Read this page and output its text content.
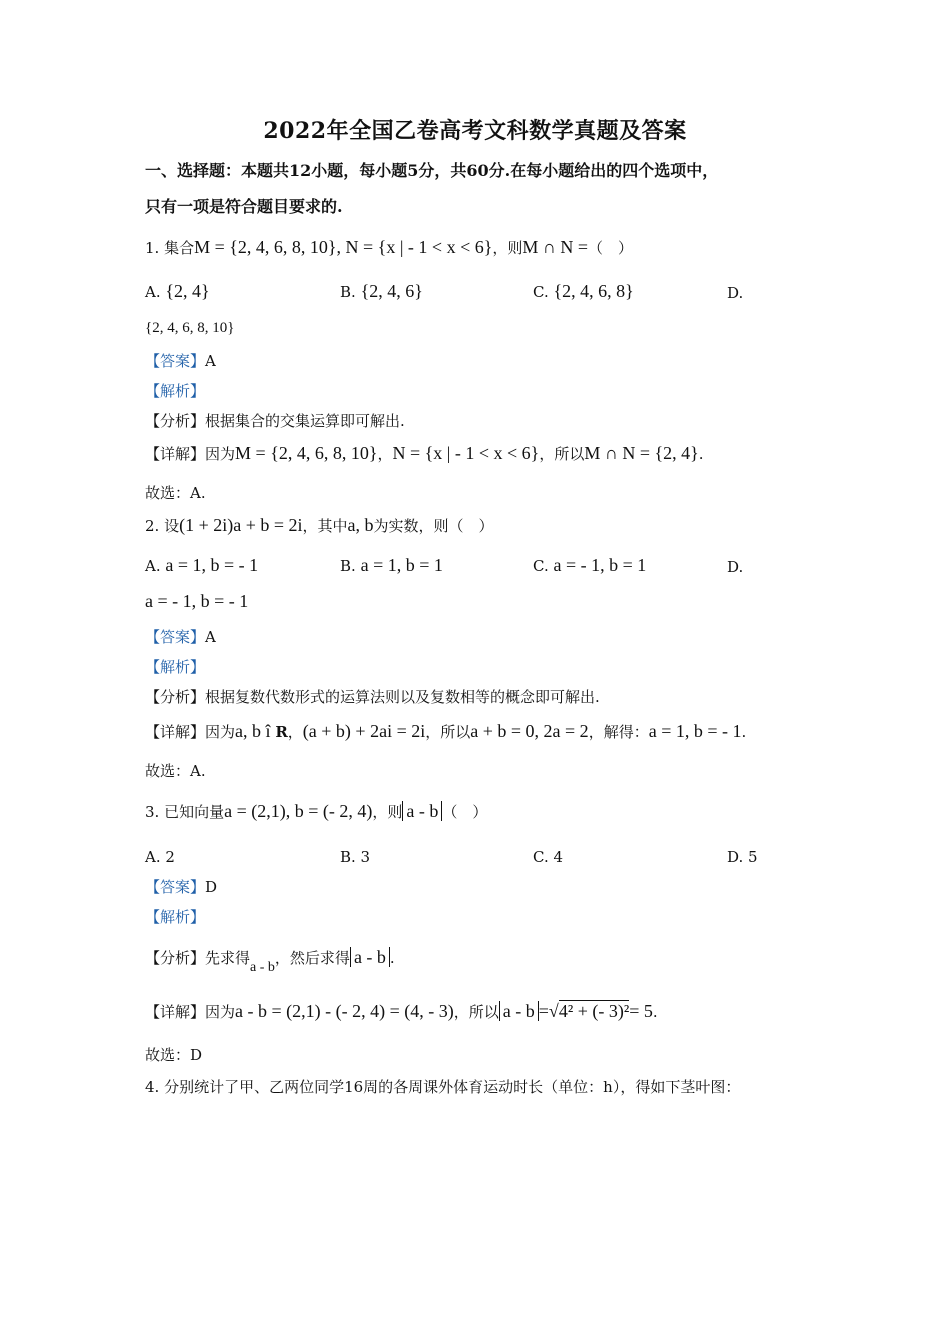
2022年全国乙卷高考文科数学真题及答案
一、选择题：本题共12小题，每小题5分，共60分.在每小题给出的四个选项中，
只有一项是符合题目要求的.
1. 集合M = {2, 4, 6, 8, 10}, N = {x | - 1 < x < 6}，则M ∩ N =（　）
A. {2, 4}	B. {2, 4, 6}	C. {2, 4, 6, 8}	D.
{2, 4, 6, 8, 10}
【答案】A
【解析】
【分析】根据集合的交集运算即可解出.
【详解】因为M = {2, 4, 6, 8, 10}，N = {x | - 1 < x < 6}，所以M ∩ N = {2, 4}.
故选：A.
2. 设(1 + 2i)a + b = 2i，其中a, b为实数，则（　）
A. a = 1, b = - 1	B. a = 1, b = 1	C. a = - 1, b = 1	D.
a = - 1, b = - 1
【答案】A
【解析】
【分析】根据复数代数形式的运算法则以及复数相等的概念即可解出.
【详解】因为a, b î R，(a + b) + 2ai = 2i，所以a + b = 0, 2a = 2，解得：a = 1, b = - 1.
故选：A.
3. 已知向量a = (2,1), b = (- 2, 4)，则 a - b （　）
A. 2	B. 3	C. 4	D. 5
【答案】D
【解析】
【分析】先求得a - b，然后求得 a - b .
【详解】因为a - b = (2,1) - (- 2, 4) = (4, - 3)，所以 a - b =√4² + (- 3)²= 5.
故选：D
4. 分别统计了甲、乙两位同学16周的各周课外体育运动时长（单位：h），得如下茎叶图：
